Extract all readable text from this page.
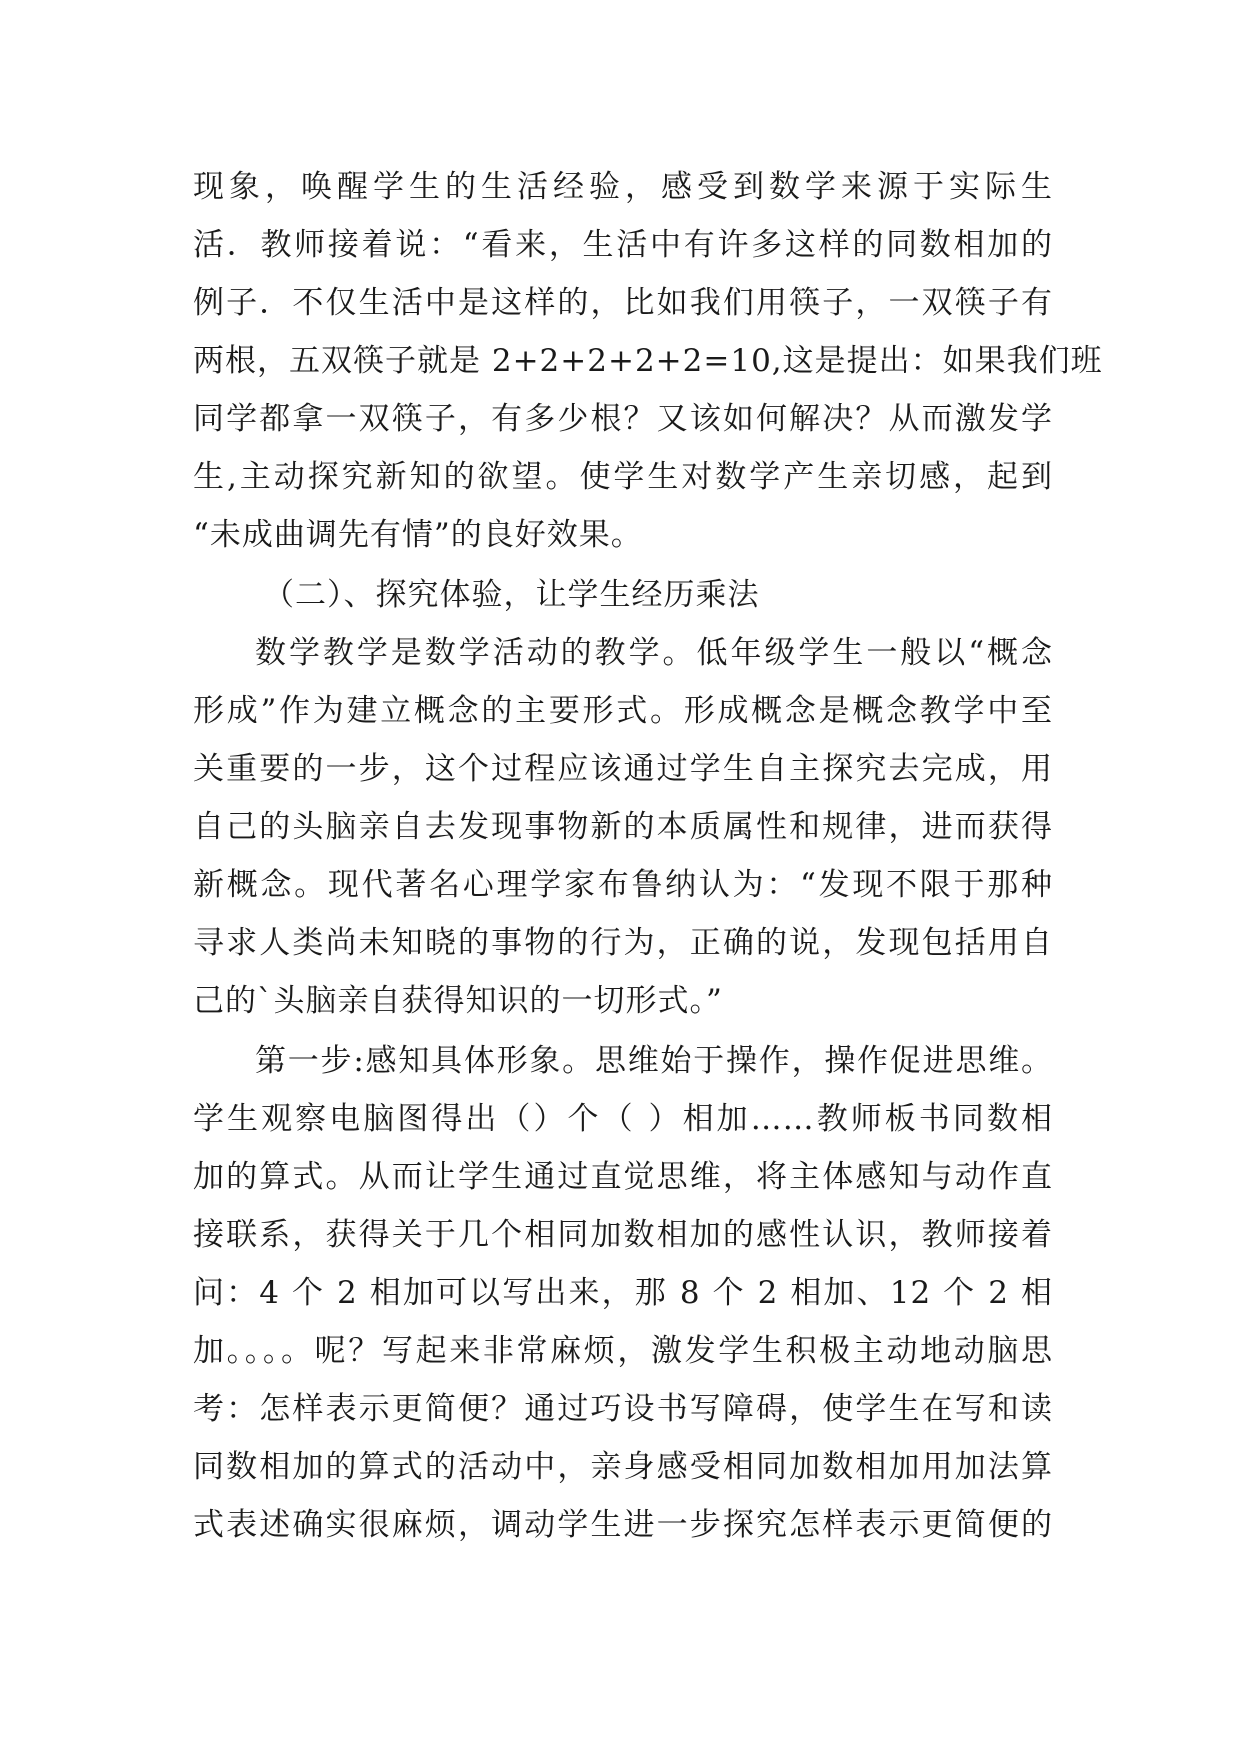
现象，唤醒学生的生活经验，感受到数学来源于实际生
活．教师接着说：“看来，生活中有许多这样的同数相加的
例子．不仅生活中是这样的，比如我们用筷子，一双筷子有
两根，五双筷子就是 2+2+2+2+2=10,这是提出：如果我们班
同学都拿一双筷子，有多少根？又该如何解决？从而激发学
生,主动探究新知的欲望。使学生对数学产生亲切感，起到
“未成曲调先有情”的良好效果。
（二）、探究体验，让学生经历乘法
数学教学是数学活动的教学。低年级学生一般以“概念
形成”作为建立概念的主要形式。形成概念是概念教学中至
关重要的一步，这个过程应该通过学生自主探究去完成，用
自己的头脑亲自去发现事物新的本质属性和规律，进而获得
新概念。现代著名心理学家布鲁纳认为：“发现不限于那种
寻求人类尚未知晓的事物的行为，正确的说，发现包括用自
己的`头脑亲自获得知识的一切形式。”
第一步:感知具体形象。思维始于操作，操作促进思维。
学生观察电脑图得出（）个（ ）相加……教师板书同数相
加的算式。从而让学生通过直觉思维，将主体感知与动作直
接联系，获得关于几个相同加数相加的感性认识，教师接着
问：4 个 2 相加可以写出来，那 8 个 2 相加、12 个 2 相
加。。。。呢？写起来非常麻烦，激发学生积极主动地动脑思
考：怎样表示更简便？通过巧设书写障碍，使学生在写和读
同数相加的算式的活动中，亲身感受相同加数相加用加法算
式表述确实很麻烦，调动学生进一步探究怎样表示更简便的
